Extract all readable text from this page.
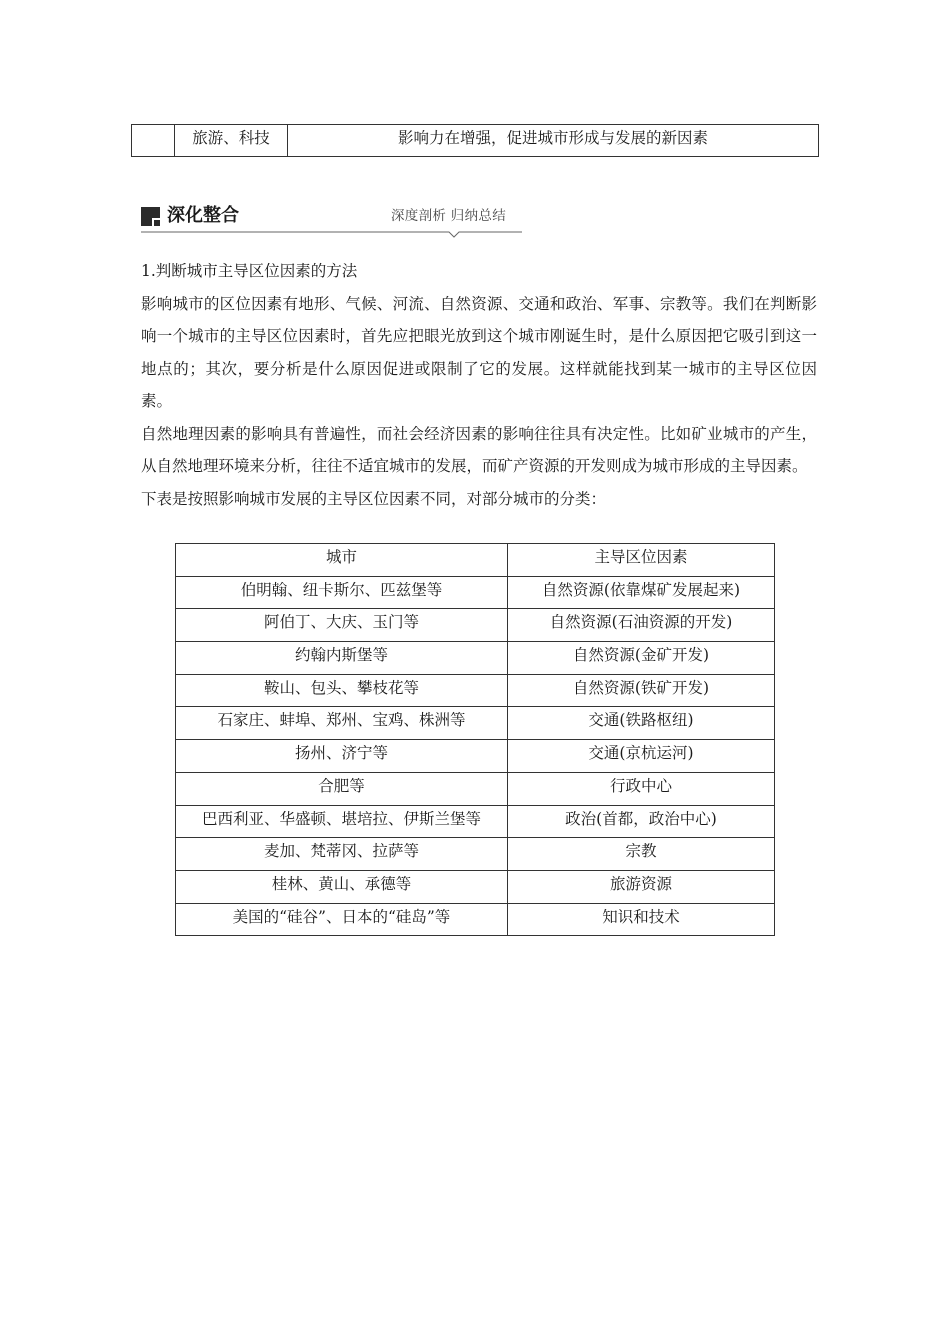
	旅游、科技	影响力在增强，促进城市形成与发展的新因素
深化整合	深度剖析 归纳总结

1.判断城市主导区位因素的方法

影响城市的区位因素有地形、气候、河流、自然资源、交通和政治、军事、宗教等。我们在判断影响一个城市的主导区位因素时，首先应把眼光放到这个城市刚诞生时，是什么原因把它吸引到这一地点的；其次，要分析是什么原因促进或限制了它的发展。这样就能找到某一城市的主导区位因素。

自然地理因素的影响具有普遍性，而社会经济因素的影响往往具有决定性。比如矿业城市的产生，从自然地理环境来分析，往往不适宜城市的发展，而矿产资源的开发则成为城市形成的主导因素。

下表是按照影响城市发展的主导区位因素不同，对部分城市的分类：

城市	主导区位因素
伯明翰、纽卡斯尔、匹兹堡等	自然资源(依靠煤矿发展起来)
阿伯丁、大庆、玉门等	自然资源(石油资源的开发)
约翰内斯堡等	自然资源(金矿开发)
鞍山、包头、攀枝花等	自然资源(铁矿开发)
石家庄、蚌埠、郑州、宝鸡、株洲等	交通(铁路枢纽)
扬州、济宁等	交通(京杭运河)
合肥等	行政中心
巴西利亚、华盛顿、堪培拉、伊斯兰堡等	政治(首都，政治中心)
麦加、梵蒂冈、拉萨等	宗教
桂林、黄山、承德等	旅游资源
美国的“硅谷”、日本的“硅岛”等	知识和技术
